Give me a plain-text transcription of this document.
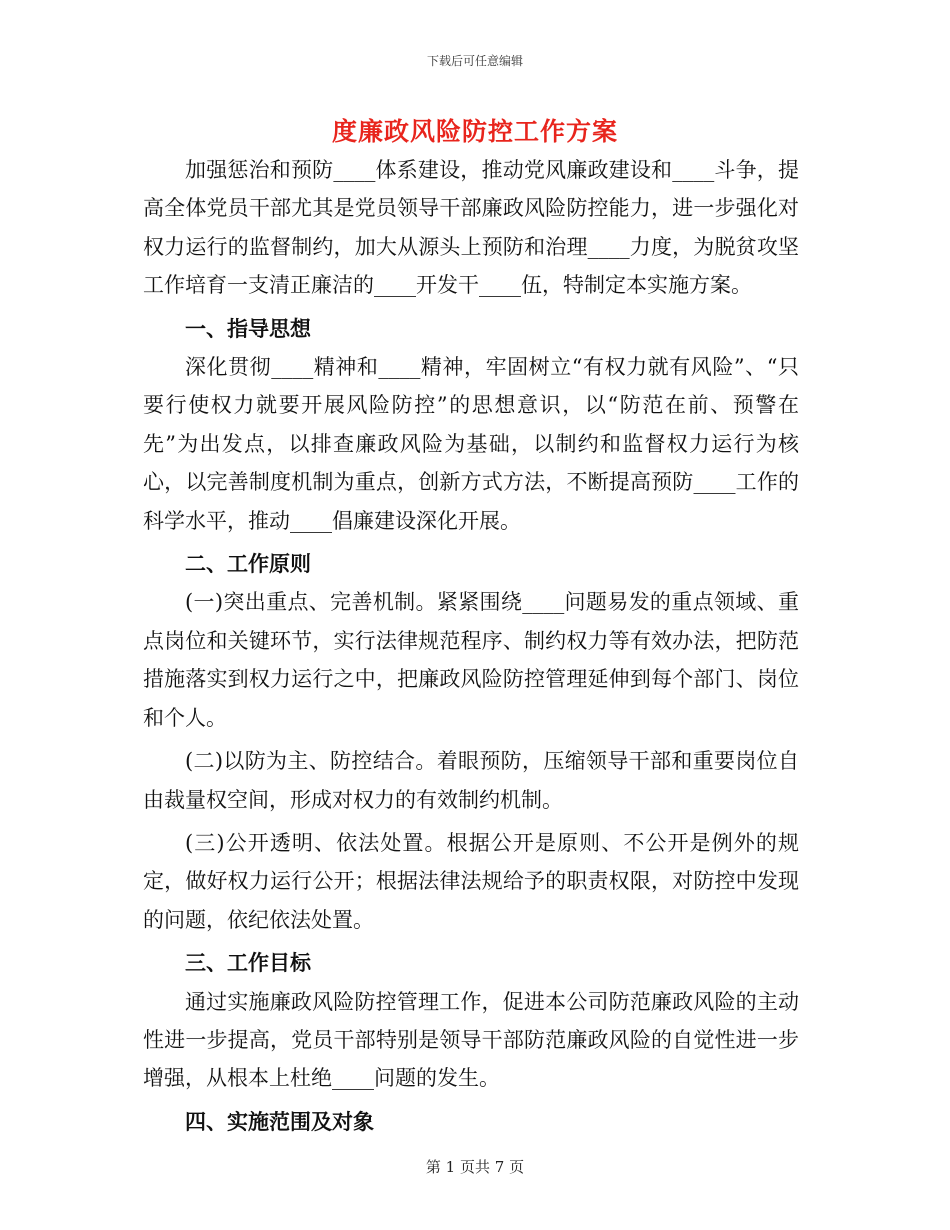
下载后可任意编辑
度廉政风险防控工作方案

加强惩治和预防____体系建设，推动党风廉政建设和____斗争，提高全体党员干部尤其是党员领导干部廉政风险防控能力，进一步强化对权力运行的监督制约，加大从源头上预防和治理____力度，为脱贫攻坚工作培育一支清正廉洁的____开发干____伍，特制定本实施方案。

一、指导思想

深化贯彻____精神和____精神，牢固树立“有权力就有风险”、“只要行使权力就要开展风险防控”的思想意识，以“防范在前、预警在先”为出发点，以排查廉政风险为基础，以制约和监督权力运行为核心，以完善制度机制为重点，创新方式方法，不断提高预防____工作的科学水平，推动____倡廉建设深化开展。

二、工作原则

(一)突出重点、完善机制。紧紧围绕____问题易发的重点领域、重点岗位和关键环节，实行法律规范程序、制约权力等有效办法，把防范措施落实到权力运行之中，把廉政风险防控管理延伸到每个部门、岗位和个人。

(二)以防为主、防控结合。着眼预防，压缩领导干部和重要岗位自由裁量权空间，形成对权力的有效制约机制。

(三)公开透明、依法处置。根据公开是原则、不公开是例外的规定，做好权力运行公开；根据法律法规给予的职责权限，对防控中发现的问题，依纪依法处置。

三、工作目标

通过实施廉政风险防控管理工作，促进本公司防范廉政风险的主动性进一步提高，党员干部特别是领导干部防范廉政风险的自觉性进一步增强，从根本上杜绝____问题的发生。

四、实施范围及对象
第 1 页共 7 页
